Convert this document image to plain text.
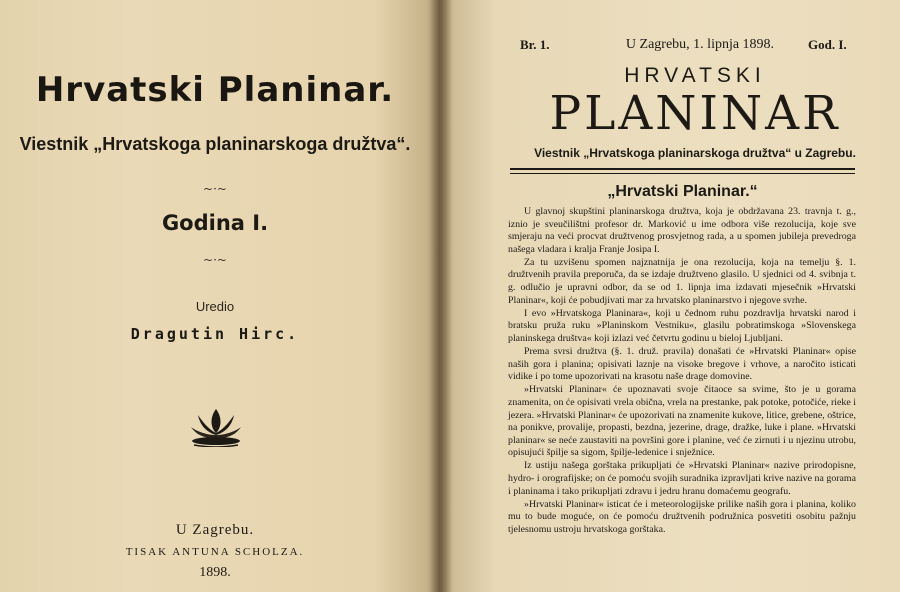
Hrvatski Planinar.
Viestnik „Hrvatskoga planinarskoga družtva“.
~·~
Godina I.
~·~
Uredio
Dragutin Hirc.
U Zagrebu.
TISAK ANTUNA SCHOLZA.
1898.
Br. 1.	U Zagrebu, 1. lipnja 1898.	God. I.
HRVATSKI
PLANINAR
Viestnik „Hrvatskoga planinarskoga družtva“ u Zagrebu.
„Hrvatski Planinar.“

U glavnoj skupštini planinarskoga družtva, koja je obdržavana 23. travnja t. g., iznio je sveučilištni profesor dr. Marković u ime odbora više rezolucija, koje sve smjeraju na veći procvat družtvenog prosvjetnog rada, a u spomen jubileja prevedroga našega vladara i kralja Franje Josipa I.

Za tu uzvišenu spomen najznatnija je ona rezolucija, koja na temelju §. 1. družtvenih pravila preporuča, da se izdaje družtveno glasilo. U sjednici od 4. svibnja t. g. odlučio je upravni odbor, da se od 1. lipnja ima izdavati mjesečnik »Hrvatski Planinar«, koji će pobudjivati mar za hrvatsko planinarstvo i njegove svrhe.

I evo »Hrvatskoga Planinara«, koji u čednom ruhu pozdravlja hrvatski narod i bratsku pruža ruku »Planinskom Vestniku«, glasilu pobratimskoga »Slovenskega planinskega društva« koji izlazi već četvrtu godinu u bieloj Ljubljani.

Prema svrsi družtva (§. 1. druž. pravila) donašati će »Hrvatski Planinar« opise naših gora i planina; opisivati laznje na visoke bregove i vrhove, a naročito isticati vidike i po tome upozorivati na krasotu naše drage domovine.

»Hrvatski Planinar« će upoznavati svoje čitaoce sa svime, što je u gorama znamenita, on će opisivati vrela obična, vrela na prestanke, pak potoke, potočiće, rieke i jezera. »Hrvatski Planinar« će upozorivati na znamenite kukove, litice, grebene, oštrice, na ponikve, provalije, propasti, bezdna, jezerine, drage, dražke, luke i plane. »Hrvatski planinar« se neće zaustaviti na površini gore i planine, već će zirnuti i u njezinu utrobu, opisujući špilje sa sigom, špilje-ledenice i snježnice.

Iz ustiju našega gorštaka prikupljati će »Hrvatski Planinar« nazive prirodopisne, hydro- i orografijske; on će pomoću svojih suradnika izpravljati krive nazive na gorama i planinama i tako prikupljati zdravu i jedru hranu domaćemu geografu.

»Hrvatski Planinar« isticat će i meteorologijske prilike naših gora i planina, koliko mu to bude moguće, on će pomoću družtvenih podružnica posvetiti osobitu pažnju tjelesnomu ustroju hrvatskoga gorštaka.
